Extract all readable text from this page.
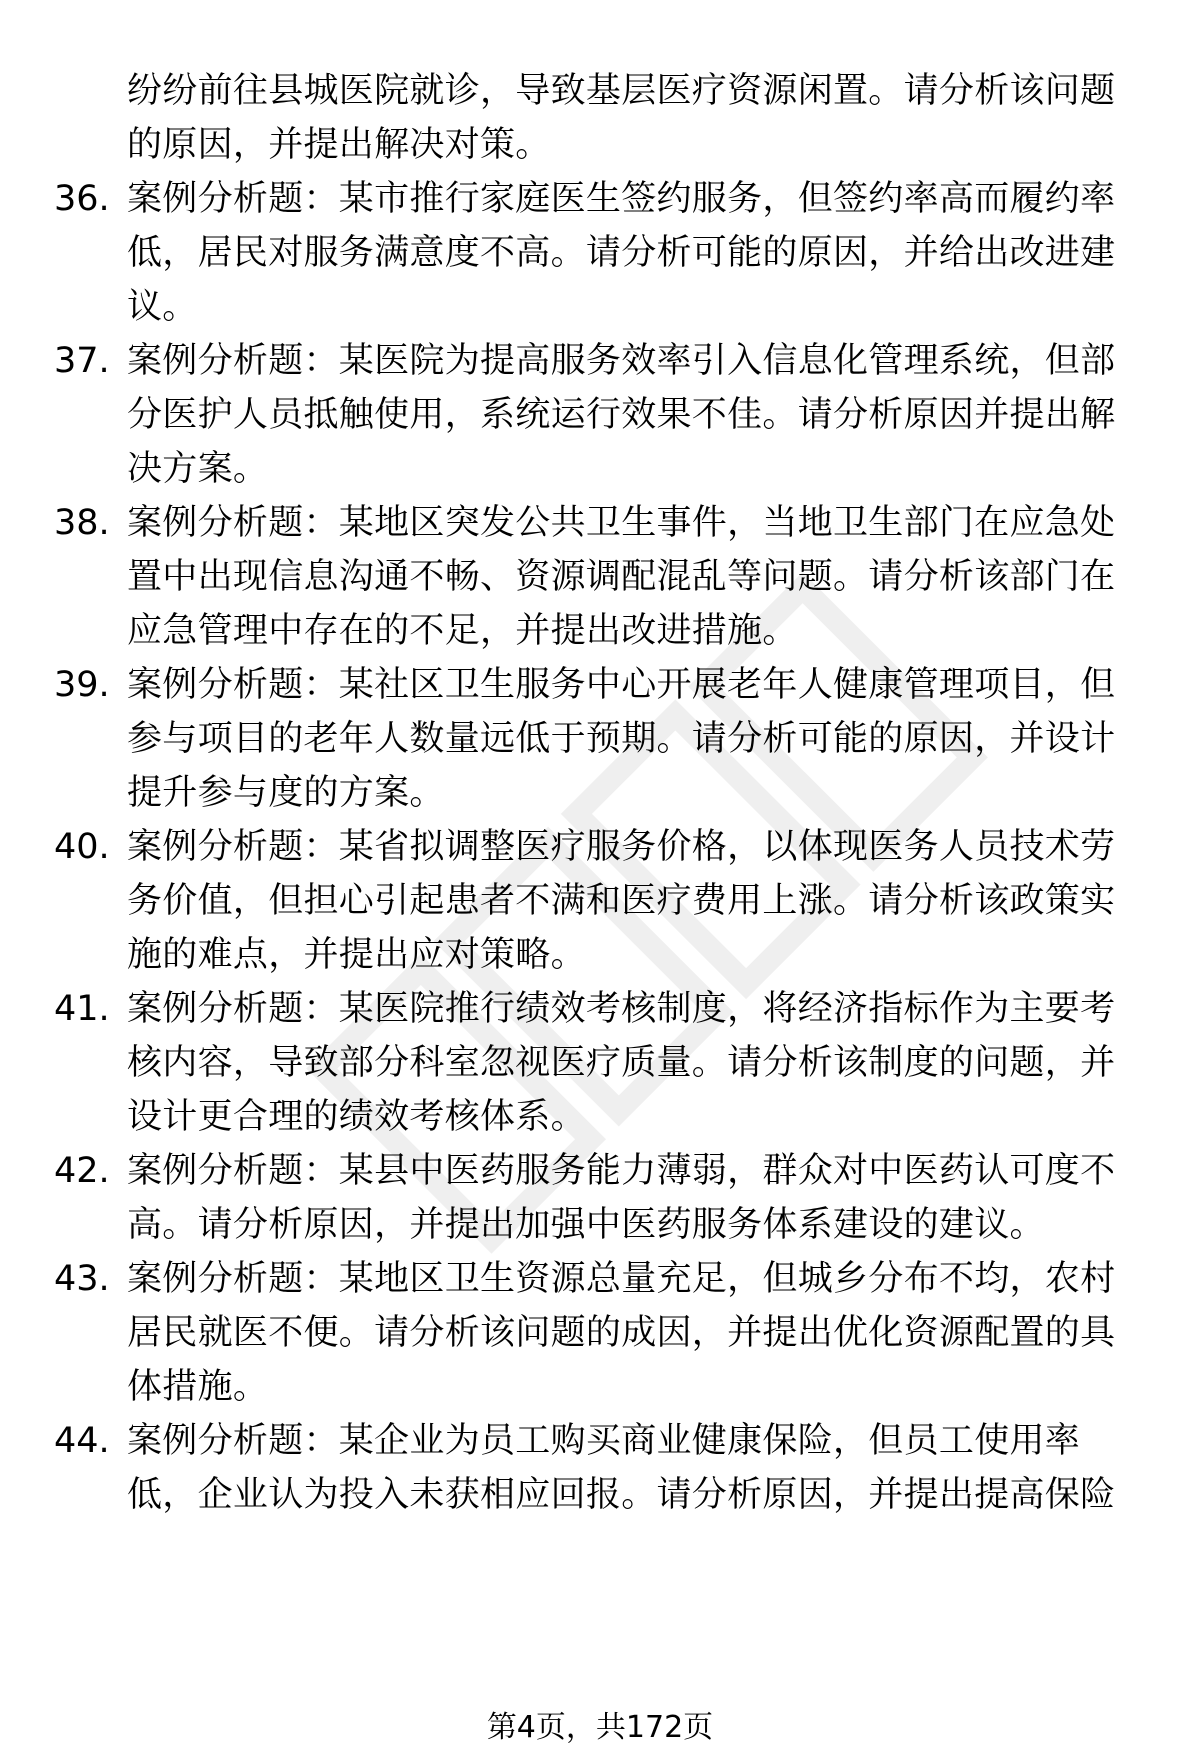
纷纷前往县城医院就诊，导致基层医疗资源闲置。请分析该问题的原因，并提出解决对策。
36. 案例分析题：某市推行家庭医生签约服务，但签约率高而履约率低，居民对服务满意度不高。请分析可能的原因，并给出改进建议。
37. 案例分析题：某医院为提高服务效率引入信息化管理系统，但部分医护人员抵触使用，系统运行效果不佳。请分析原因并提出解决方案。
38. 案例分析题：某地区突发公共卫生事件，当地卫生部门在应急处置中出现信息沟通不畅、资源调配混乱等问题。请分析该部门在应急管理中存在的不足，并提出改进措施。
39. 案例分析题：某社区卫生服务中心开展老年人健康管理项目，但参与项目的老年人数量远低于预期。请分析可能的原因，并设计提升参与度的方案。
40. 案例分析题：某省拟调整医疗服务价格，以体现医务人员技术劳务价值，但担心引起患者不满和医疗费用上涨。请分析该政策实施的难点，并提出应对策略。
41. 案例分析题：某医院推行绩效考核制度，将经济指标作为主要考核内容，导致部分科室忽视医疗质量。请分析该制度的问题，并设计更合理的绩效考核体系。
42. 案例分析题：某县中医药服务能力薄弱，群众对中医药认可度不高。请分析原因，并提出加强中医药服务体系建设的建议。
43. 案例分析题：某地区卫生资源总量充足，但城乡分布不均，农村居民就医不便。请分析该问题的成因，并提出优化资源配置的具体措施。
44. 案例分析题：某企业为员工购买商业健康保险，但员工使用率低，企业认为投入未获相应回报。请分析原因，并提出提高保险
第4页，共172页
